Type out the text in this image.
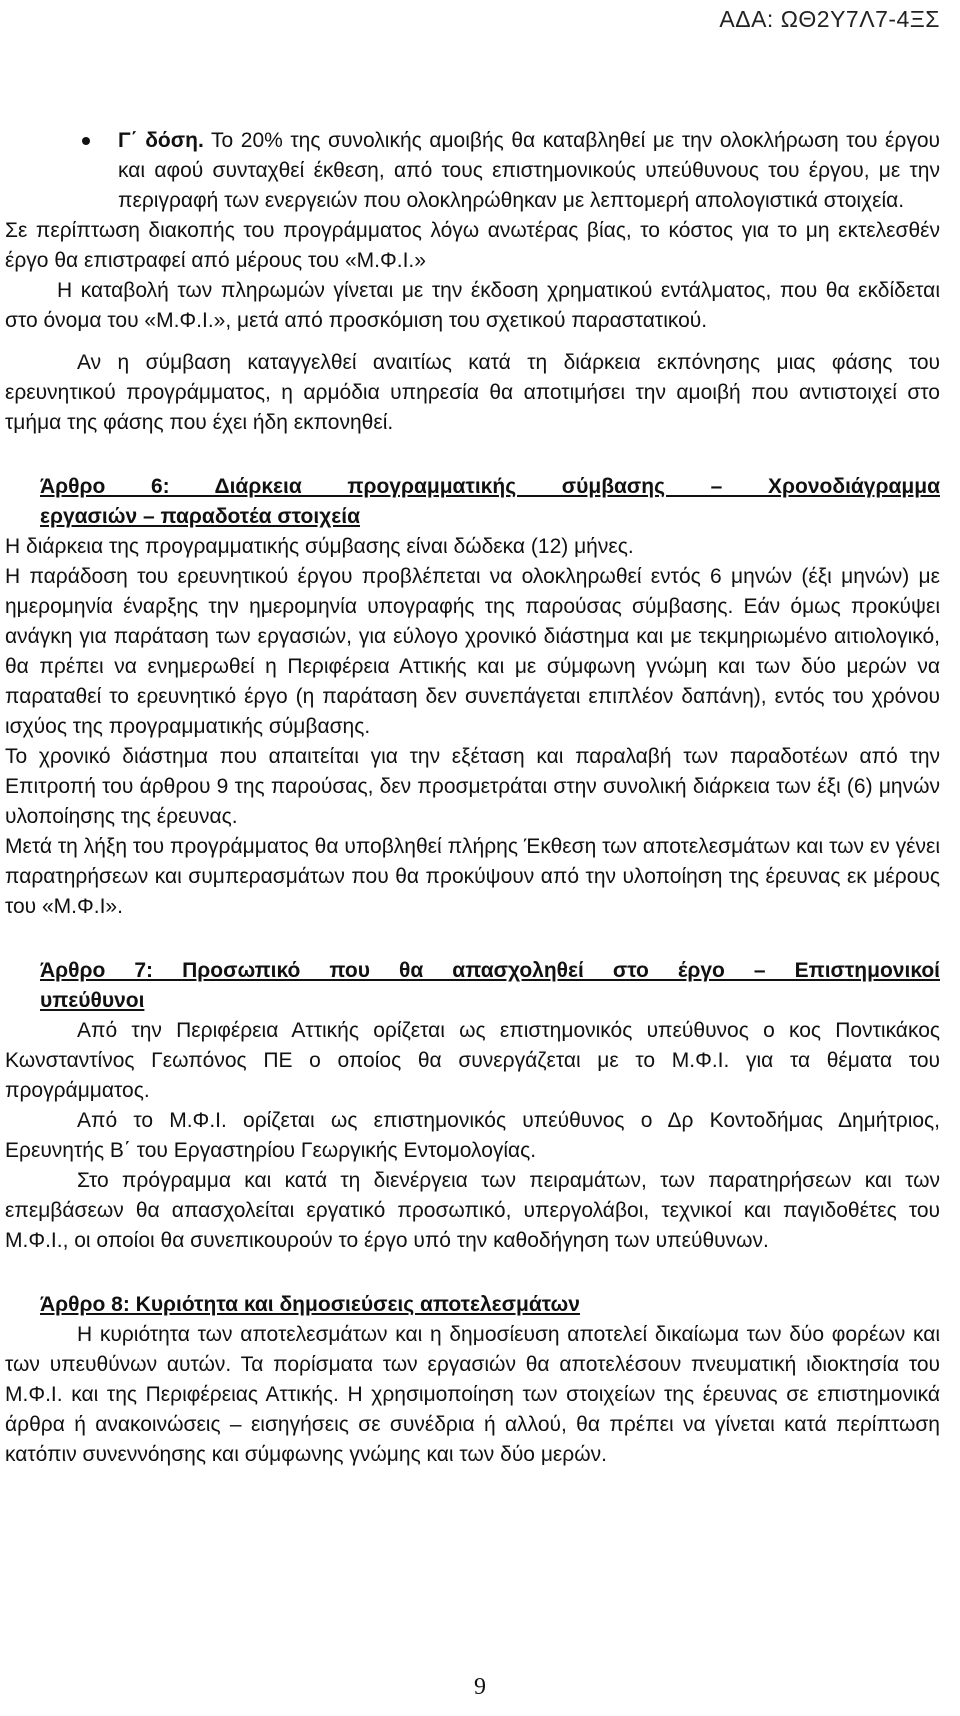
ΑΔΑ: ΩΘ2Υ7Λ7-4ΞΣ

Γ΄ δόση. Το 20% της συνολικής αμοιβής θα καταβληθεί με την ολοκλήρωση του έργου και αφού συνταχθεί έκθεση, από τους επιστημονικούς υπεύθυνους του έργου, με την περιγραφή των ενεργειών που ολοκληρώθηκαν με λεπτομερή απολογιστικά στοιχεία.

Σε περίπτωση διακοπής του προγράμματος λόγω ανωτέρας βίας, το κόστος για το μη εκτελεσθέν έργο θα επιστραφεί από μέρους του «Μ.Φ.Ι.»

Η καταβολή των πληρωμών γίνεται με την έκδοση χρηματικού εντάλματος, που θα εκδίδεται στο όνομα του «Μ.Φ.Ι.», μετά από προσκόμιση του σχετικού παραστατικού.

Αν η σύμβαση καταγγελθεί αναιτίως κατά τη διάρκεια εκπόνησης μιας φάσης του ερευνητικού προγράμματος, η αρμόδια υπηρεσία θα αποτιμήσει την αμοιβή που αντιστοιχεί στο τμήμα της φάσης που έχει ήδη εκπονηθεί.

Άρθρο 6: Διάρκεια προγραμματικής σύμβασης – Χρονοδιάγραμμα
εργασιών – παραδοτέα στοιχεία

Η διάρκεια της προγραμματικής σύμβασης είναι δώδεκα (12) μήνες.

Η παράδοση του ερευνητικού έργου προβλέπεται να ολοκληρωθεί εντός 6 μηνών (έξι μηνών) με ημερομηνία έναρξης την ημερομηνία υπογραφής της παρούσας σύμβασης. Εάν όμως προκύψει ανάγκη για παράταση των εργασιών, για εύλογο χρονικό διάστημα και με τεκμηριωμένο αιτιολογικό, θα πρέπει να ενημερωθεί η Περιφέρεια Αττικής και με σύμφωνη γνώμη και των δύο μερών να παραταθεί το ερευνητικό έργο (η παράταση δεν συνεπάγεται επιπλέον δαπάνη), εντός του χρόνου ισχύος της προγραμματικής σύμβασης.

Το χρονικό διάστημα που απαιτείται για την εξέταση και παραλαβή των παραδοτέων από την Επιτροπή του άρθρου 9 της παρούσας, δεν προσμετράται στην συνολική διάρκεια των έξι (6) μηνών υλοποίησης της έρευνας.

Μετά τη λήξη του προγράμματος θα υποβληθεί πλήρης Έκθεση των αποτελεσμάτων και των εν γένει παρατηρήσεων και συμπερασμάτων που θα προκύψουν από την υλοποίηση της έρευνας εκ μέρους του «Μ.Φ.Ι».

Άρθρο 7: Προσωπικό που θα απασχοληθεί στο έργο – Επιστημονικοί
υπεύθυνοι

Από την Περιφέρεια Αττικής ορίζεται ως επιστημονικός υπεύθυνος ο κος Ποντικάκος Κωνσταντίνος Γεωπόνος ΠΕ ο οποίος θα συνεργάζεται με το Μ.Φ.Ι. για τα θέματα του προγράμματος.

Από το Μ.Φ.Ι. ορίζεται ως επιστημονικός υπεύθυνος ο Δρ Κοντοδήμας Δημήτριος, Ερευνητής Β΄ του Εργαστηρίου Γεωργικής Εντομολογίας.

Στο πρόγραμμα και κατά τη διενέργεια των πειραμάτων, των παρατηρήσεων και των επεμβάσεων θα απασχολείται εργατικό προσωπικό, υπεργολάβοι, τεχνικοί και παγιδοθέτες του Μ.Φ.Ι., οι οποίοι θα συνεπικουρούν το έργο υπό την καθοδήγηση των υπεύθυνων.

Άρθρο 8: Κυριότητα και δημοσιεύσεις αποτελεσμάτων

Η κυριότητα των αποτελεσμάτων και η δημοσίευση αποτελεί δικαίωμα των δύο φορέων και των υπευθύνων αυτών. Τα πορίσματα των εργασιών θα αποτελέσουν πνευματική ιδιοκτησία του Μ.Φ.Ι. και της Περιφέρειας Αττικής. Η χρησιμοποίηση των στοιχείων της έρευνας σε επιστημονικά άρθρα ή ανακοινώσεις – εισηγήσεις σε συνέδρια ή αλλού, θα πρέπει να γίνεται κατά περίπτωση κατόπιν συνεννόησης και σύμφωνης γνώμης και των δύο μερών.

9
